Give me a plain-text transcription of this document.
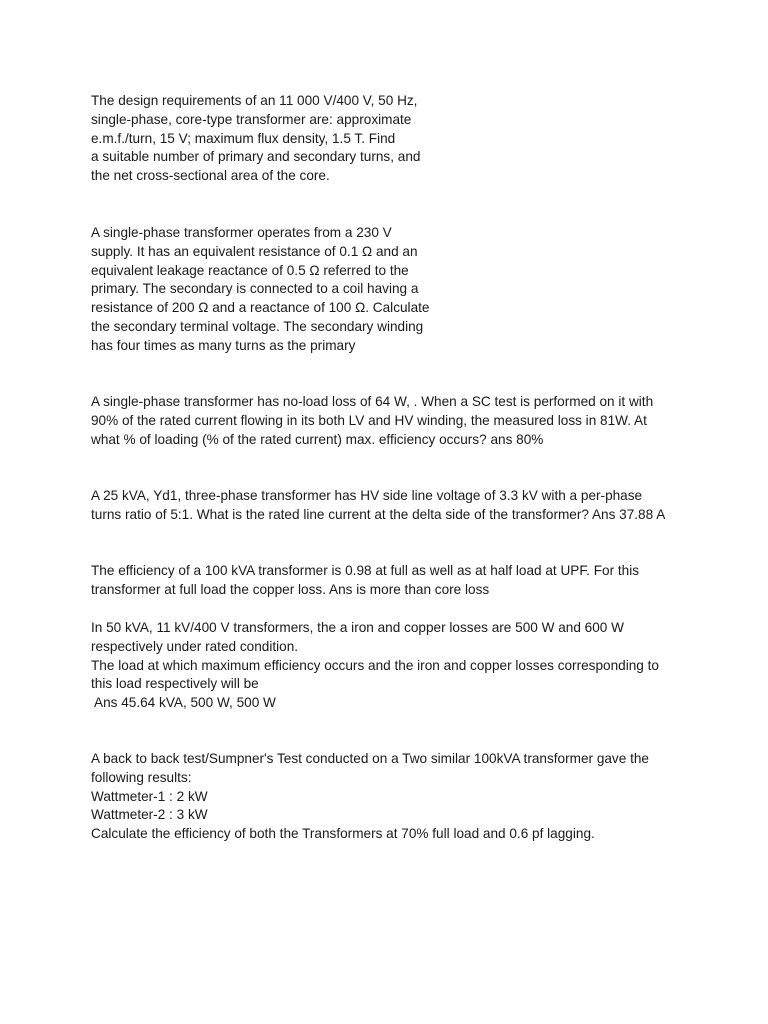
The design requirements of an 11 000 V/400 V, 50 Hz,
single-phase, core-type transformer are: approximate
e.m.f./turn, 15 V; maximum flux density, 1.5 T. Find
a suitable number of primary and secondary turns, and
the net cross-sectional area of the core.
A single-phase transformer operates from a 230 V
supply. It has an equivalent resistance of 0.1 Ω and an
equivalent leakage reactance of 0.5 Ω referred to the
primary. The secondary is connected to a coil having a
resistance of 200 Ω and a reactance of 100 Ω. Calculate
the secondary terminal voltage. The secondary winding
has four times as many turns as the primary
A single-phase transformer has no-load loss of 64 W, . When a SC test is performed on it with
90% of the rated current flowing in its both LV and HV winding, the measured loss in 81W. At
what % of loading (% of the rated current) max. efficiency occurs? ans 80%
A 25 kVA, Yd1, three-phase transformer has HV side line voltage of 3.3 kV with a per-phase
turns ratio of 5:1. What is the rated line current at the delta side of the transformer? Ans 37.88 A
The efficiency of a 100 kVA transformer is 0.98 at full as well as at half load at UPF. For this
transformer at full load the copper loss. Ans is more than core loss
In 50 kVA, 11 kV/400 V transformers, the a iron and copper losses are 500 W and 600 W
respectively under rated condition.
The load at which maximum efficiency occurs and the iron and copper losses corresponding to
this load respectively will be
Ans 45.64 kVA, 500 W, 500 W
A back to back test/Sumpner's Test conducted on a Two similar 100kVA transformer gave the
following results:
Wattmeter-1 : 2 kW
Wattmeter-2 : 3 kW
Calculate the efficiency of both the Transformers at 70% full load and 0.6 pf lagging.
